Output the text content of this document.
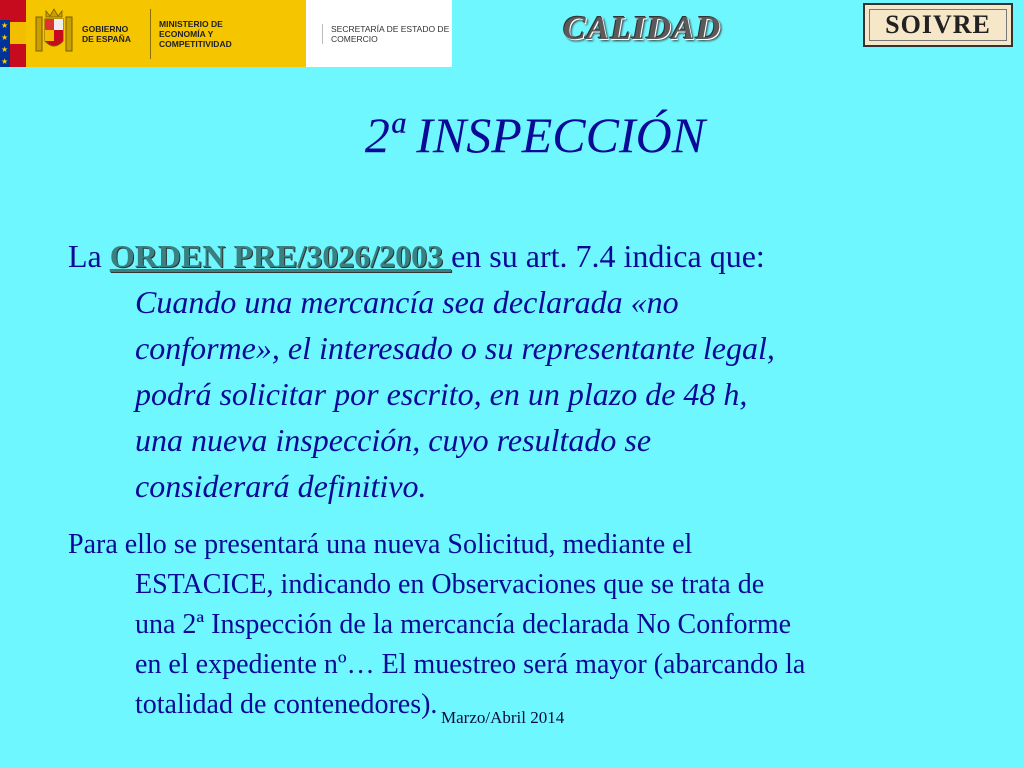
★
★
★
★
GOBIERNO DE ESPAÑA
MINISTERIO DE ECONOMÍA Y COMPETITIVIDAD
SECRETARÍA DE ESTADO DE COMERCIO	CALIDAD	SOIVRE
2ª INSPECCIÓN
La ORDEN PRE/3026/2003 en su art. 7.4 indica que:
Cuando una mercancía sea declarada «no
conforme», el interesado o su representante legal,
podrá solicitar por escrito, en un plazo de 48 h,
una nueva inspección, cuyo resultado se
considerará definitivo.
Para ello se presentará una nueva Solicitud, mediante el
ESTACICE, indicando en Observaciones que se trata de
una 2ª Inspección de la mercancía declarada No Conforme
en el expediente nº… El muestreo será mayor (abarcando la
totalidad de contenedores). Marzo/Abril 2014
